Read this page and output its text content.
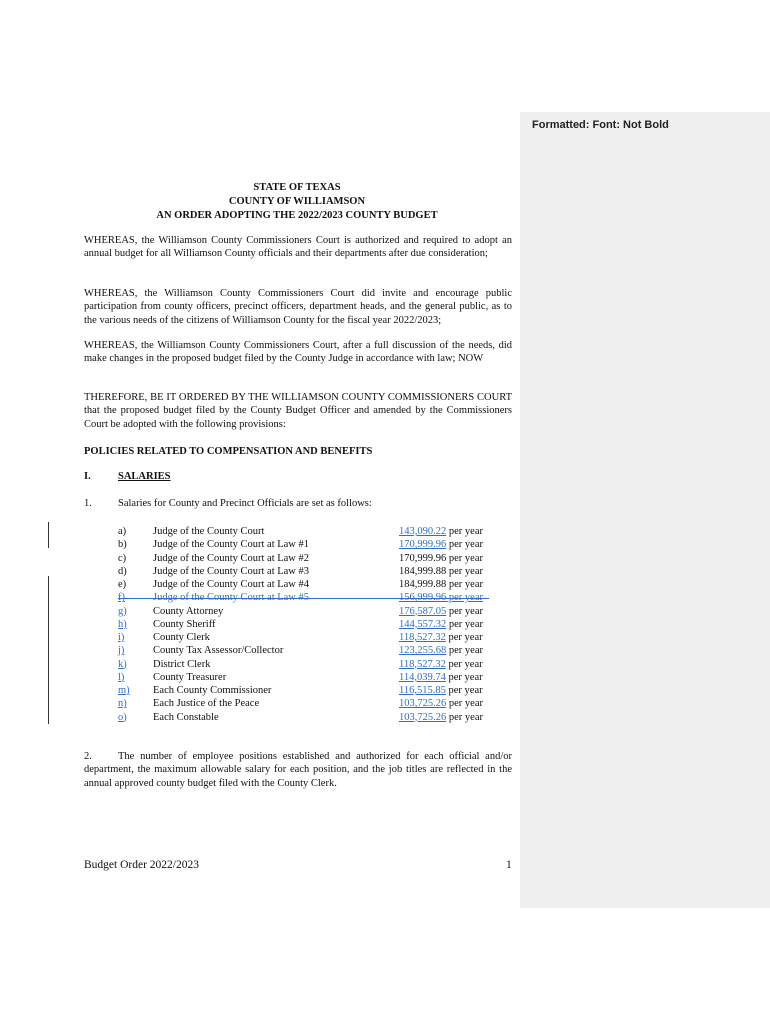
STATE OF TEXAS
COUNTY OF WILLIAMSON
AN ORDER ADOPTING THE 2022/2023 COUNTY BUDGET

WHEREAS, the Williamson County Commissioners Court is authorized and required to adopt an annual budget for all Williamson County officials and their departments after due consideration;

WHEREAS, the Williamson County Commissioners Court did invite and encourage public participation from county officers, precinct officers, department heads, and the general public, as to the various needs of the citizens of Williamson County for the fiscal year 2022/2023;

WHEREAS, the Williamson County Commissioners Court, after a full discussion of the needs, did make changes in the proposed budget filed by the County Judge in accordance with law; NOW

THEREFORE, BE IT ORDERED BY THE WILLIAMSON COUNTY COMMISSIONERS COURT that the proposed budget filed by the County Budget Officer and amended by the Commissioners Court be adopted with the following provisions:

POLICIES RELATED TO COMPENSATION AND BENEFITS
I.	SALARIES
1. Salaries for County and Precinct Officials are set as follows:
a)	Judge of the County Court	143,090.22 per year
b)	Judge of the County Court at Law #1	170,999.96 per year
c)	Judge of the County Court at Law #2	170,999.96 per year
d)	Judge of the County Court at Law #3	184,999.88 per year
e)	Judge of the County Court at Law #4	184,999.88 per year
f)	Judge of the County Court at Law #5	156,999.96 per year
g)	County Attorney	176,587.05 per year
h)	County Sheriff	144,557.32 per year
i)	County Clerk	118,527.32 per year
j)	County Tax Assessor/Collector	123,255.68 per year
k)	District Clerk	118,527.32 per year
l)	County Treasurer	114,039.74 per year
m) Each County Commissioner	116,515.85 per year
n)	Each Justice of the Peace	103,725.26 per year
o)	Each Constable	103,725.26 per year

2. The number of employee positions established and authorized for each official and/or department, the maximum allowable salary for each position, and the job titles are reflected in the annual approved county budget filed with the County Clerk.

Budget Order 2022/2023	1
Formatted: Font: Not Bold
